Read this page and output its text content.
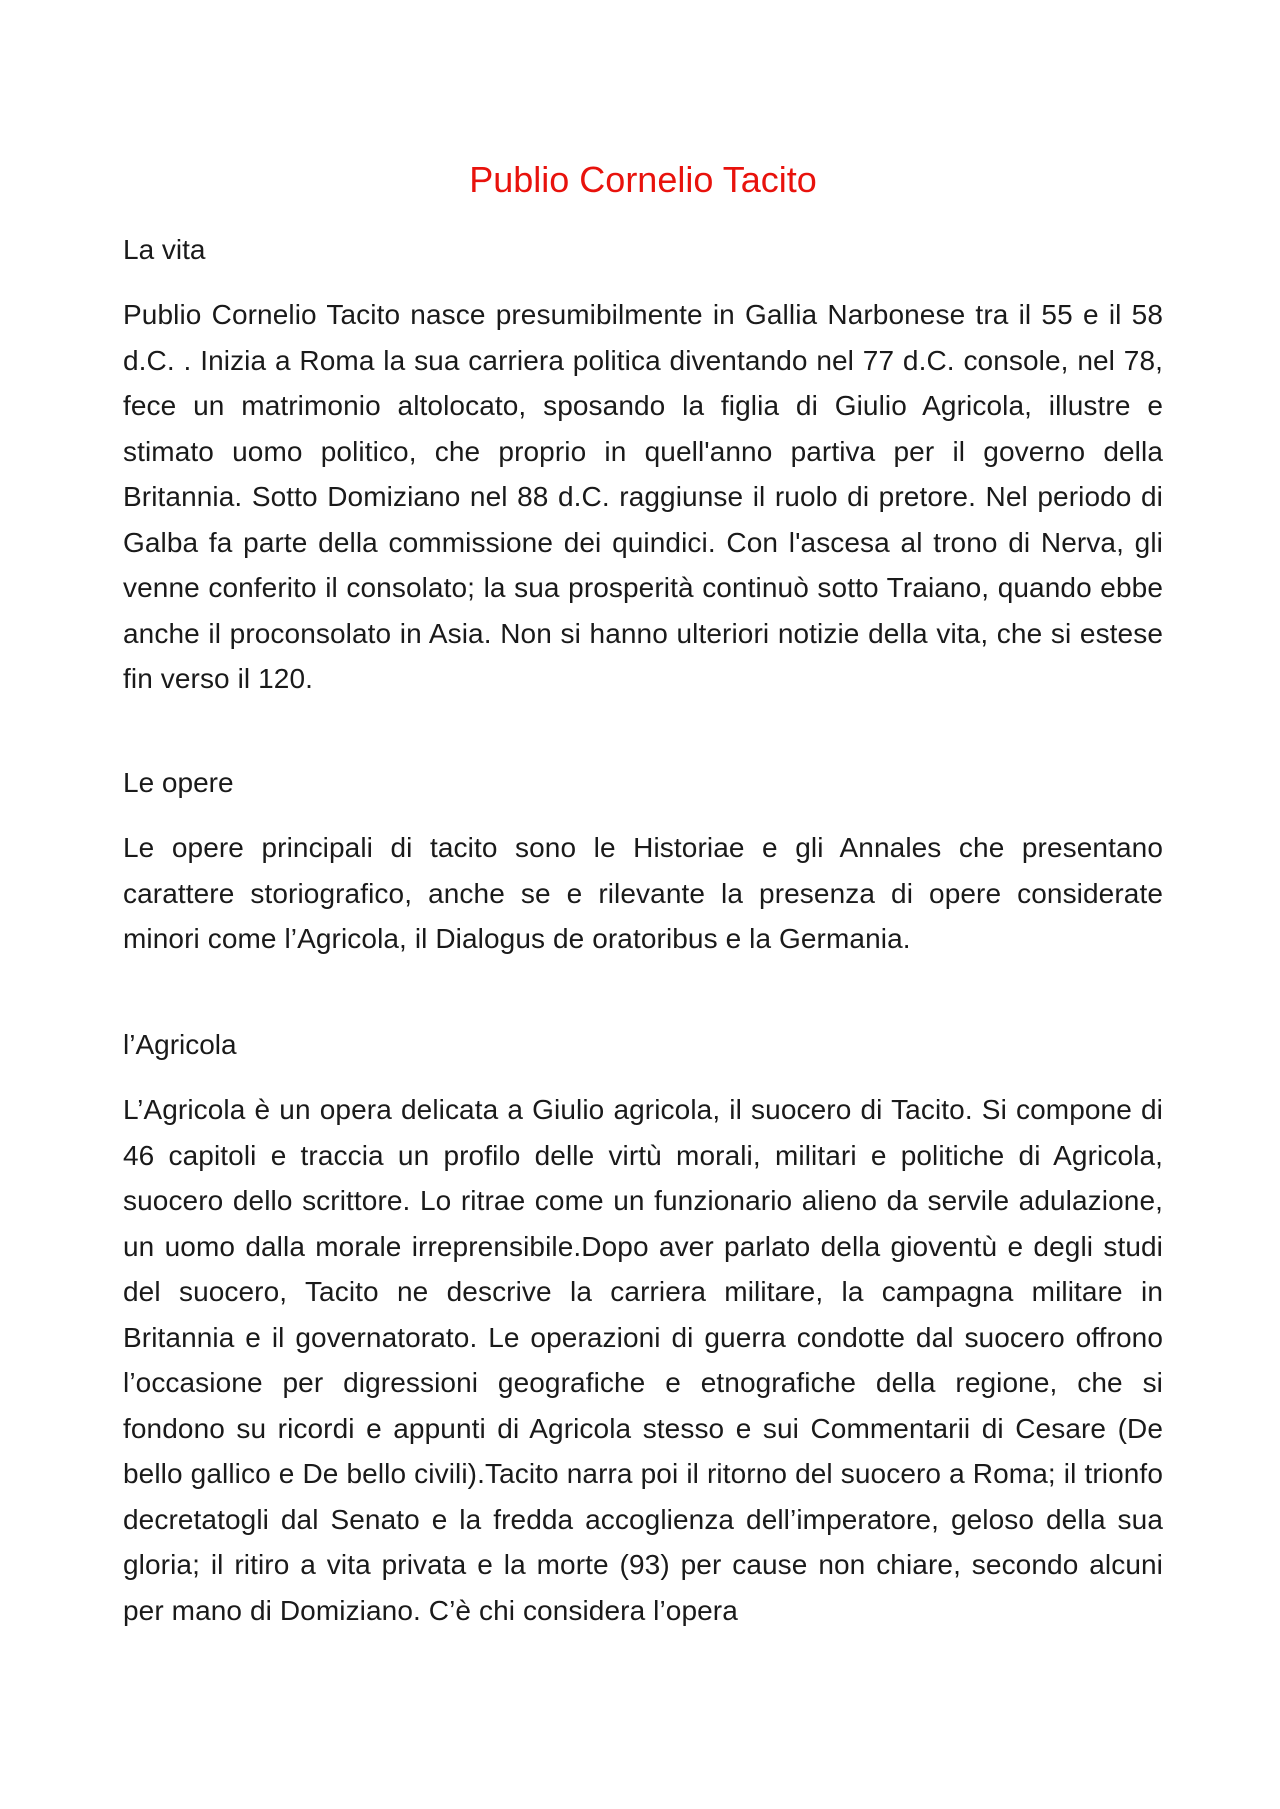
Publio Cornelio Tacito
La vita

Publio Cornelio Tacito nasce presumibilmente in Gallia Narbonese tra il 55 e il 58 d.C. . Inizia a Roma la sua carriera politica diventando nel 77 d.C. console, nel 78, fece un matrimonio altolocato, sposando la figlia di Giulio Agricola, illustre e stimato uomo politico, che proprio in quell'anno partiva per il governo della Britannia. Sotto Domiziano nel 88 d.C. raggiunse il ruolo di pretore. Nel periodo di Galba fa parte della commissione dei quindici. Con l'ascesa al trono di Nerva, gli venne conferito il consolato; la sua prosperità continuò sotto Traiano, quando ebbe anche il proconsolato in Asia. Non si hanno ulteriori notizie della vita, che si estese fin verso il 120.

Le opere

Le opere principali di tacito sono le Historiae e gli Annales che presentano carattere storiografico, anche se e rilevante la presenza di opere considerate minori come l’Agricola, il Dialogus de oratoribus e la Germania.

l’Agricola

L’Agricola è un opera delicata a Giulio agricola, il suocero di Tacito. Si compone di 46 capitoli e traccia un profilo delle virtù morali, militari e politiche di Agricola, suocero dello scrittore. Lo ritrae come un funzionario alieno da servile adulazione, un uomo dalla morale irreprensibile.Dopo aver parlato della gioventù e degli studi del suocero, Tacito ne descrive la carriera militare, la campagna militare in Britannia e il governatorato. Le operazioni di guerra condotte dal suocero offrono l’occasione per digressioni geografiche e etnografiche della regione, che si fondono su ricordi e appunti di Agricola stesso e sui Commentarii di Cesare (De bello gallico e De bello civili).Tacito narra poi il ritorno del suocero a Roma; il trionfo decretatogli dal Senato e la fredda accoglienza dell’imperatore, geloso della sua gloria; il ritiro a vita privata e la morte (93) per cause non chiare, secondo alcuni per mano di Domiziano. C’è chi considera l’opera
